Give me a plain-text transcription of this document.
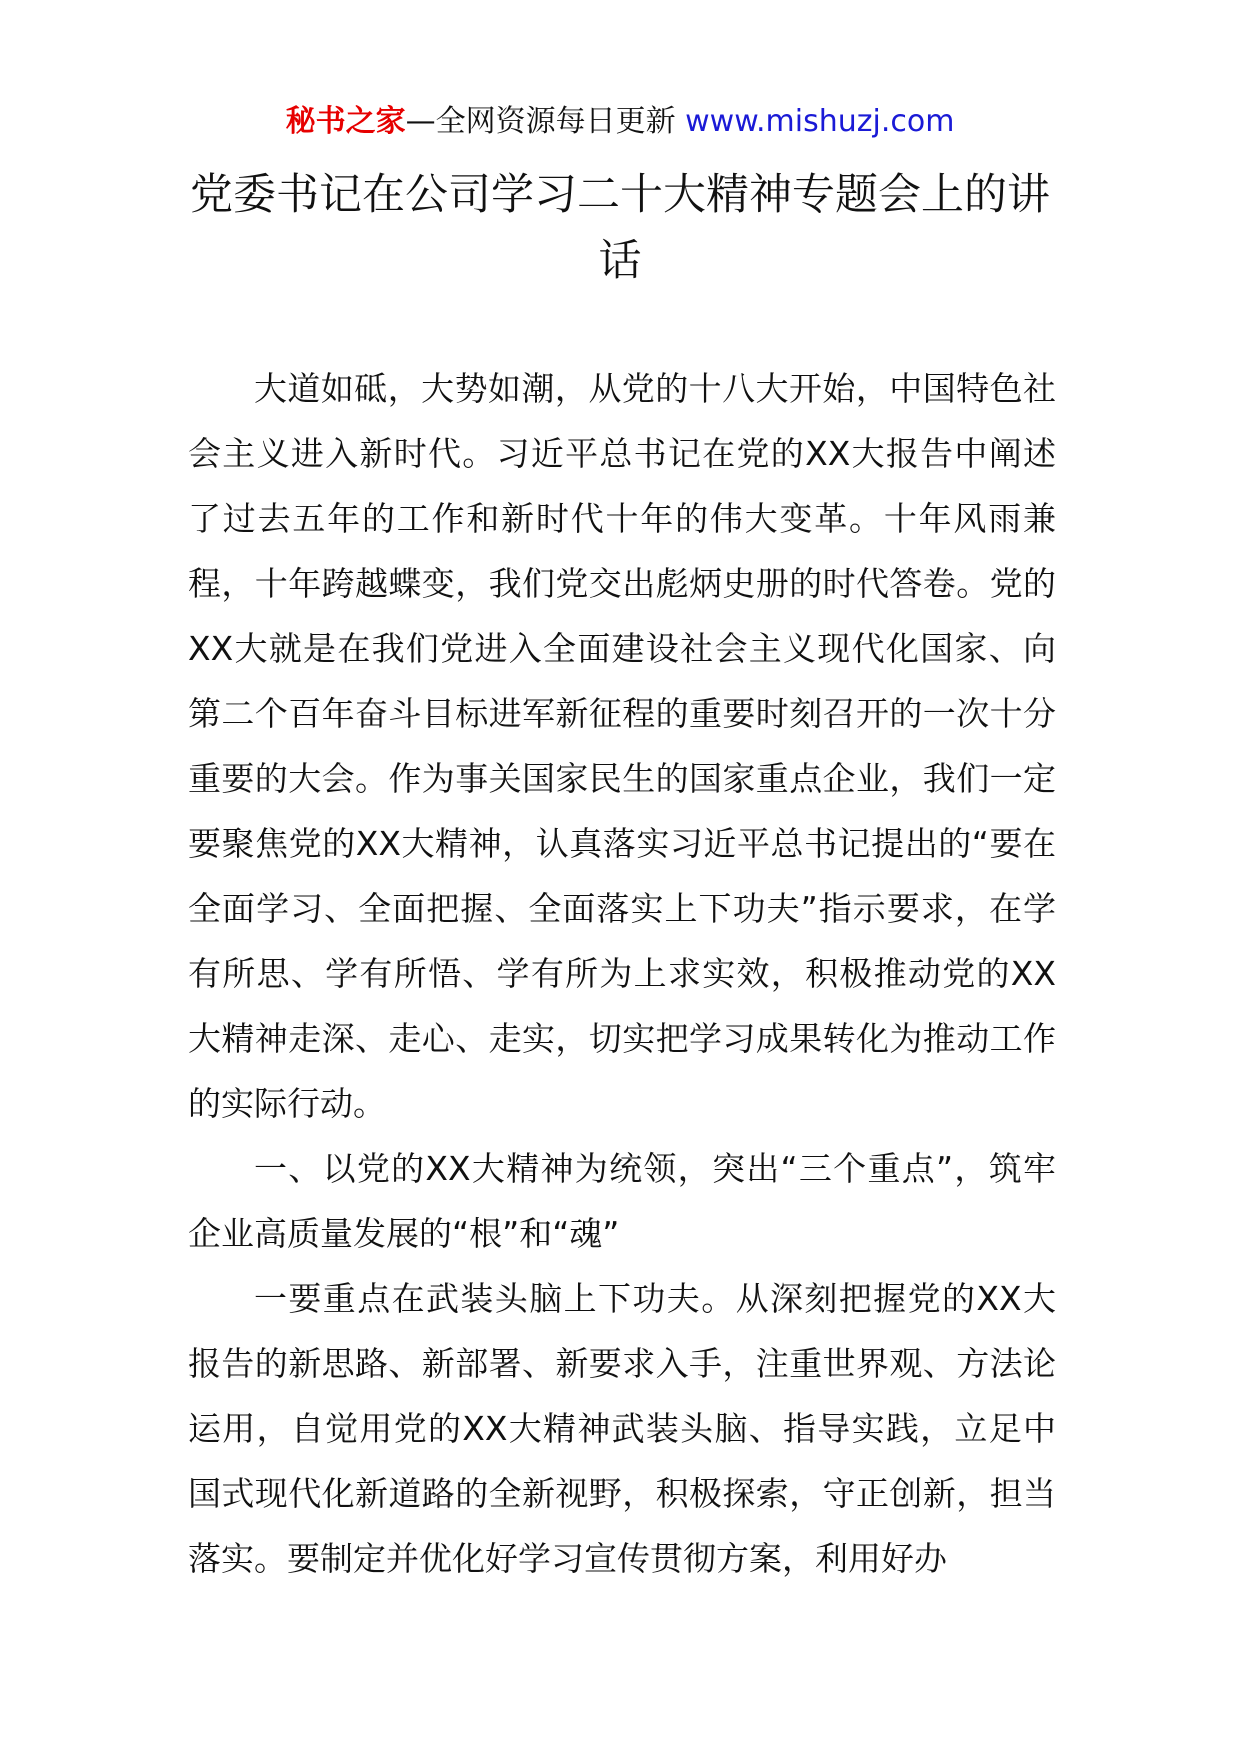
秘书之家—全网资源每日更新 www.mishuzj.com
党委书记在公司学习二十大精神专题会上的讲话

大道如砥，大势如潮，从党的十八大开始，中国特色社会主义进入新时代。习近平总书记在党的XX大报告中阐述了过去五年的工作和新时代十年的伟大变革。十年风雨兼程，十年跨越蝶变，我们党交出彪炳史册的时代答卷。党的XX大就是在我们党进入全面建设社会主义现代化国家、向第二个百年奋斗目标进军新征程的重要时刻召开的一次十分重要的大会。作为事关国家民生的国家重点企业，我们一定要聚焦党的XX大精神，认真落实习近平总书记提出的“要在全面学习、全面把握、全面落实上下功夫”指示要求，在学有所思、学有所悟、学有所为上求实效，积极推动党的XX大精神走深、走心、走实，切实把学习成果转化为推动工作的实际行动。

一、以党的XX大精神为统领，突出“三个重点”，筑牢企业高质量发展的“根”和“魂”

一要重点在武装头脑上下功夫。从深刻把握党的XX大报告的新思路、新部署、新要求入手，注重世界观、方法论运用，自觉用党的XX大精神武装头脑、指导实践，立足中国式现代化新道路的全新视野，积极探索，守正创新，担当落实。要制定并优化好学习宣传贯彻方案，利用好办
